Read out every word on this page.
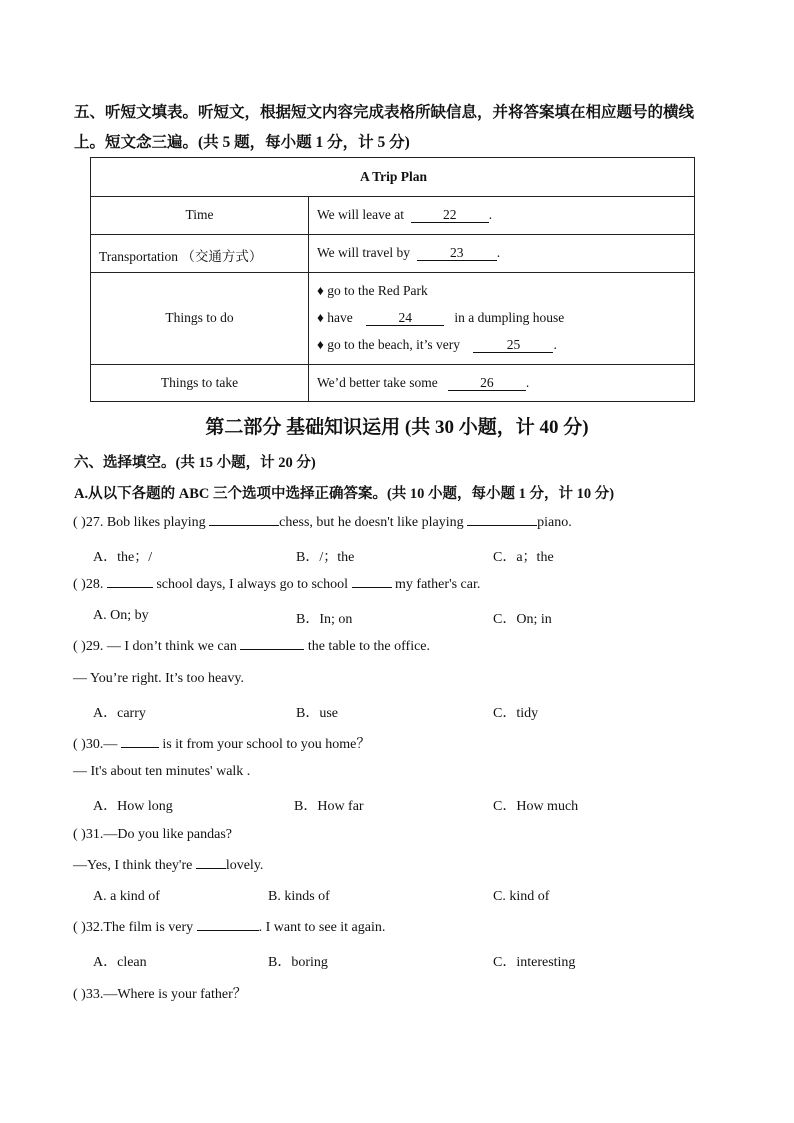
五、听短文填表。听短文，根据短文内容完成表格所缺信息，并将答案填在相应题号的横线
上。短文念三遍。(共 5 题，每小题 1 分，计 5 分)
A Trip Plan
Time	We will leave at	22 .
Transportation （交通方式）	We will travel by	23 .
Things to do
♦ go to the Red Park
♦ have	24	in a dumpling house
♦ go to the beach, it’s very	25 .
Things to take	We’d better take some	26 .
第二部分 基础知识运用 (共 30 小题，计 40 分)
六、选择填空。(共 15 小题，计 20 分)
A.从以下各题的 ABC 三个选项中选择正确答案。(共 10 小题，每小题 1 分，计 10 分)
( )27. Bob likes playing	chess, but he doesn't like playing	piano.
A．the；/	B．/；the	C．a；the
( )28.	school days, I always go to school	my father's car.
A. On; by	B．In; on	C．On; in
( )29. — I don’t think we can	the table to the office.
— You’re right. It’s too heavy.
A．carry	B．use	C．tidy
( )30.—	is it from your school to you home？
— It's about ten minutes' walk .
A．How long	B．How far	C．How much
( )31.—Do you like pandas?
—Yes, I think they're lovely.
A. a kind of	B. kinds of	C. kind of
( )32.The film is very	. I want to see it again.
A．clean	B．boring	C．interesting
( )33.—Where is your father？
